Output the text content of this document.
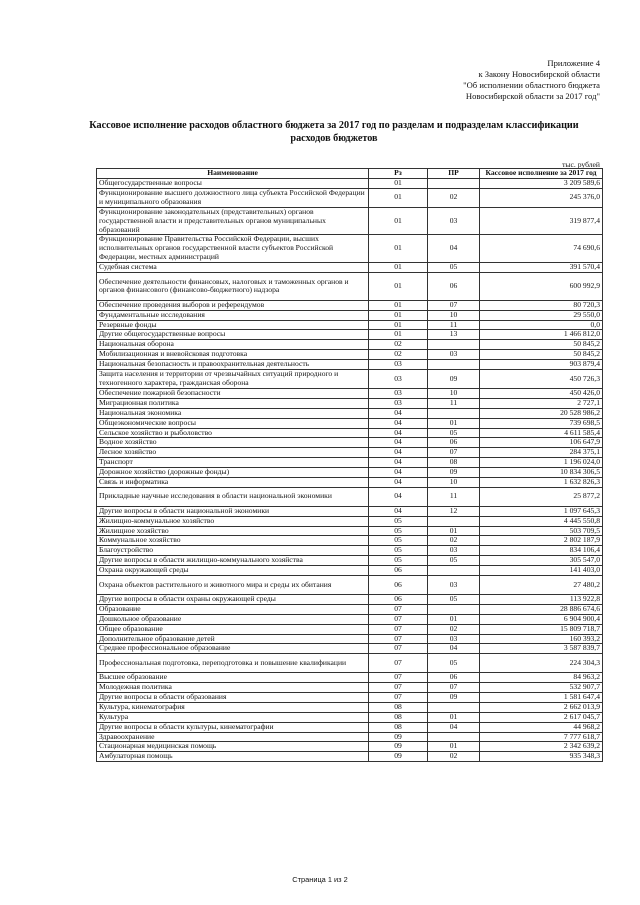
Приложение 4
к Закону Новосибирской области
"Об исполнении областного бюджета
Новосибирской области за 2017 год"
Кассовое исполнение расходов областного бюджета за 2017 год по разделам и подразделам классификации расходов бюджетов
тыс. рублей
Наименование	Рз	ПР	Кассовое исполнение за 2017 год
Общегосударственные вопросы	01		3 209 589,6
Функционирование высшего должностного лица субъекта Российской Федерации и муниципального образования	01	02	245 376,0
Функционирование законодательных (представительных) органов государственной власти и представительных органов муниципальных образований	01	03	319 877,4
Функционирование Правительства Российской Федерации, высших исполнительных органов государственной власти субъектов Российской Федерации, местных администраций	01	04	74 690,6
Судебная система	01	05	391 570,4
Обеспечение деятельности финансовых, налоговых и таможенных органов и органов финансового (финансово-бюджетного) надзора	01	06	600 992,9
Обеспечение проведения выборов и референдумов	01	07	80 720,3
Фундаментальные исследования	01	10	29 550,0
Резервные фонды	01	11	0,0
Другие общегосударственные вопросы	01	13	1 466 812,0
Национальная оборона	02		50 845,2
Мобилизационная и вневойсковая подготовка	02	03	50 845,2
Национальная безопасность и правоохранительная деятельность	03		903 879,4
Защита населения и территории от чрезвычайных ситуаций природного и техногенного характера, гражданская оборона	03	09	450 726,3
Обеспечение пожарной безопасности	03	10	450 426,0
Миграционная политика	03	11	2 727,1
Национальная экономика	04		20 528 986,2
Общеэкономические вопросы	04	01	739 698,5
Сельское хозяйство и рыболовство	04	05	4 611 585,4
Водное хозяйство	04	06	106 647,9
Лесное хозяйство	04	07	284 375,1
Транспорт	04	08	1 196 024,0
Дорожное хозяйство (дорожные фонды)	04	09	10 834 306,5
Связь и информатика	04	10	1 632 826,3
Прикладные научные исследования в области национальной экономики	04	11	25 877,2
Другие вопросы в области национальной экономики	04	12	1 097 645,3
Жилищно-коммунальное хозяйство	05		4 445 550,8
Жилищное хозяйство	05	01	503 709,5
Коммунальное хозяйство	05	02	2 802 187,9
Благоустройство	05	03	834 106,4
Другие вопросы в области жилищно-коммунального хозяйства	05	05	305 547,0
Охрана окружающей среды	06		141 403,0
Охрана объектов растительного и животного мира и среды их обитания	06	03	27 480,2
Другие вопросы в области охраны окружающей среды	06	05	113 922,8
Образование	07		28 886 674,6
Дошкольное образование	07	01	6 904 900,4
Общее образование	07	02	15 809 718,7
Дополнительное образование детей	07	03	160 393,2
Среднее профессиональное образование	07	04	3 587 839,7
Профессиональная подготовка, переподготовка и повышение квалификации	07	05	224 304,3
Высшее образование	07	06	84 963,2
Молодежная политика	07	07	532 907,7
Другие вопросы в области образования	07	09	1 581 647,4
Культура, кинематография	08		2 662 013,9
Культура	08	01	2 617 045,7
Другие вопросы в области культуры, кинематографии	08	04	44 968,2
Здравоохранение	09		7 777 618,7
Стационарная медицинская помощь	09	01	2 342 639,2
Амбулаторная помощь	09	02	935 348,3
Страница 1 из 2
